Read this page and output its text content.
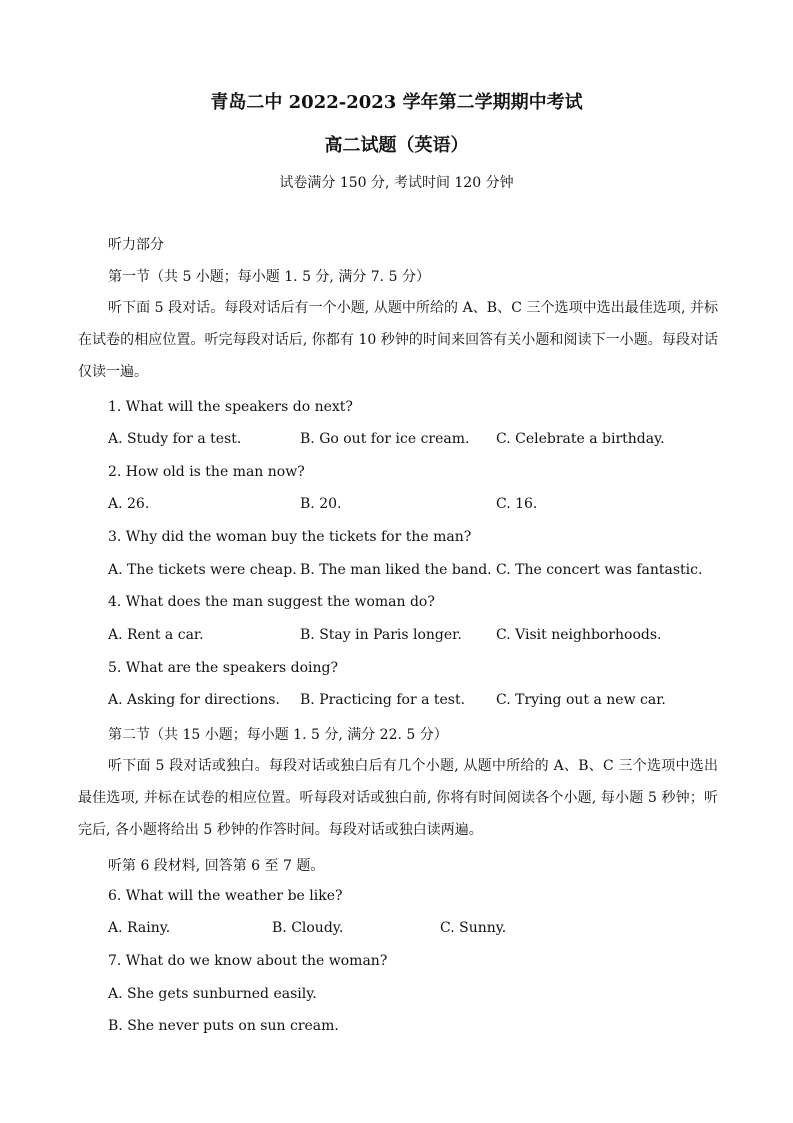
青岛二中 2022-2023 学年第二学期期中考试
高二试题（英语）
试卷满分 150 分, 考试时间 120 分钟
听力部分
第一节（共 5 小题；每小题 1. 5 分, 满分 7. 5 分）
听下面 5 段对话。每段对话后有一个小题, 从题中所给的 A、B、C 三个选项中选出最佳选项, 并标在试卷的相应位置。听完每段对话后, 你都有 10 秒钟的时间来回答有关小题和阅读下一小题。每段对话仅读一遍。
1. What will the speakers do next?
A. Study for a test.	B. Go out for ice cream. C. Celebrate a birthday.
2. How old is the man now?
A. 26.	B. 20.	C. 16.
3. Why did the woman buy the tickets for the man?
A. The tickets were cheap. B. The man liked the band. C. The concert was fantastic.
4. What does the man suggest the woman do?
A. Rent a car.	B. Stay in Paris longer. C. Visit neighborhoods.
5. What are the speakers doing?
A. Asking for directions. B. Practicing for a test. C. Trying out a new car.
第二节（共 15 小题；每小题 1. 5 分, 满分 22. 5 分）
听下面 5 段对话或独白。每段对话或独白后有几个小题, 从题中所给的 A、B、C 三个选项中选出最佳选项, 并标在试卷的相应位置。听每段对话或独白前, 你将有时间阅读各个小题, 每小题 5 秒钟；听完后, 各小题将给出 5 秒钟的作答时间。每段对话或独白读两遍。
听第 6 段材料, 回答第 6 至 7 题。
6. What will the weather be like?
A. Rainy.	B. Cloudy.	C. Sunny.
7. What do we know about the woman?
A. She gets sunburned easily.
B. She never puts on sun cream.
